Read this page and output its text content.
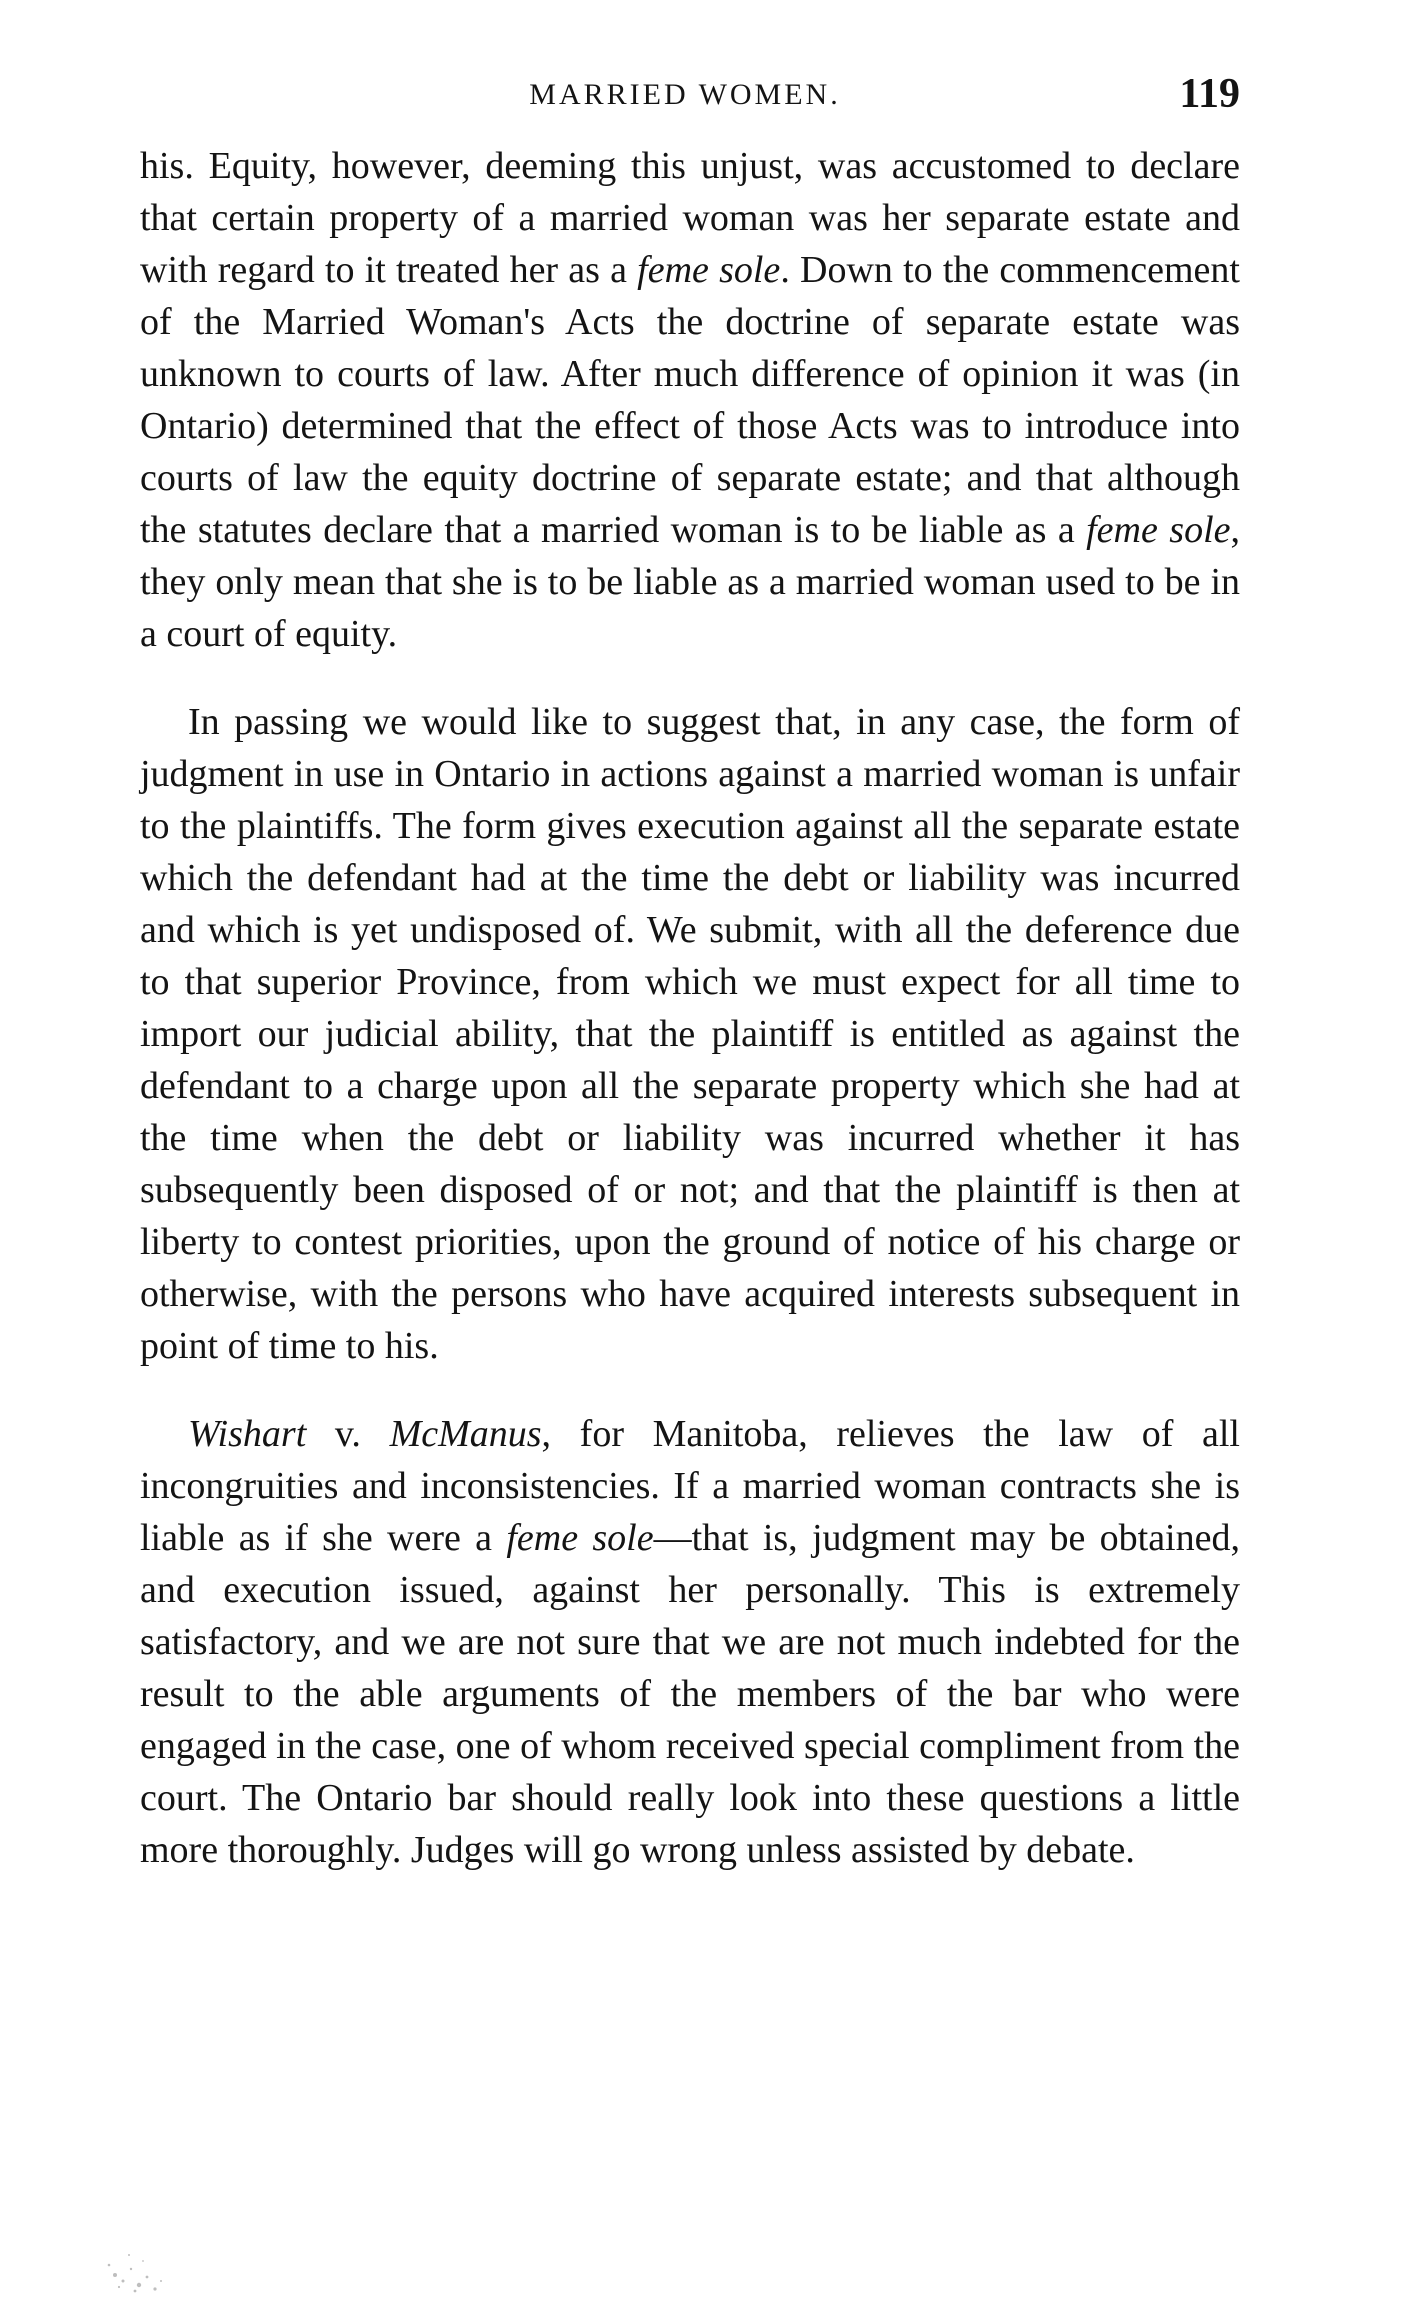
MARRIED WOMEN.	119

his. Equity, however, deeming this unjust, was accustomed to declare that certain property of a married woman was her separate estate and with regard to it treated her as a feme sole. Down to the commencement of the Married Woman's Acts the doctrine of separate estate was unknown to courts of law. After much difference of opinion it was (in Ontario) determined that the effect of those Acts was to introduce into courts of law the equity doctrine of separate estate; and that although the statutes declare that a married woman is to be liable as a feme sole, they only mean that she is to be liable as a married woman used to be in a court of equity.

In passing we would like to suggest that, in any case, the form of judgment in use in Ontario in actions against a married woman is unfair to the plaintiffs. The form gives execution against all the separate estate which the defendant had at the time the debt or liability was incurred and which is yet undisposed of. We submit, with all the deference due to that superior Province, from which we must expect for all time to import our judicial ability, that the plaintiff is entitled as against the defendant to a charge upon all the separate property which she had at the time when the debt or liability was incurred whether it has subsequently been disposed of or not; and that the plaintiff is then at liberty to contest priorities, upon the ground of notice of his charge or otherwise, with the persons who have acquired interests subsequent in point of time to his.

Wishart v. McManus, for Manitoba, relieves the law of all incongruities and inconsistencies. If a married woman contracts she is liable as if she were a feme sole—that is, judgment may be obtained, and execution issued, against her personally. This is extremely satisfactory, and we are not sure that we are not much indebted for the result to the able arguments of the members of the bar who were engaged in the case, one of whom received special compliment from the court. The Ontario bar should really look into these questions a little more thoroughly. Judges will go wrong unless assisted by debate.
